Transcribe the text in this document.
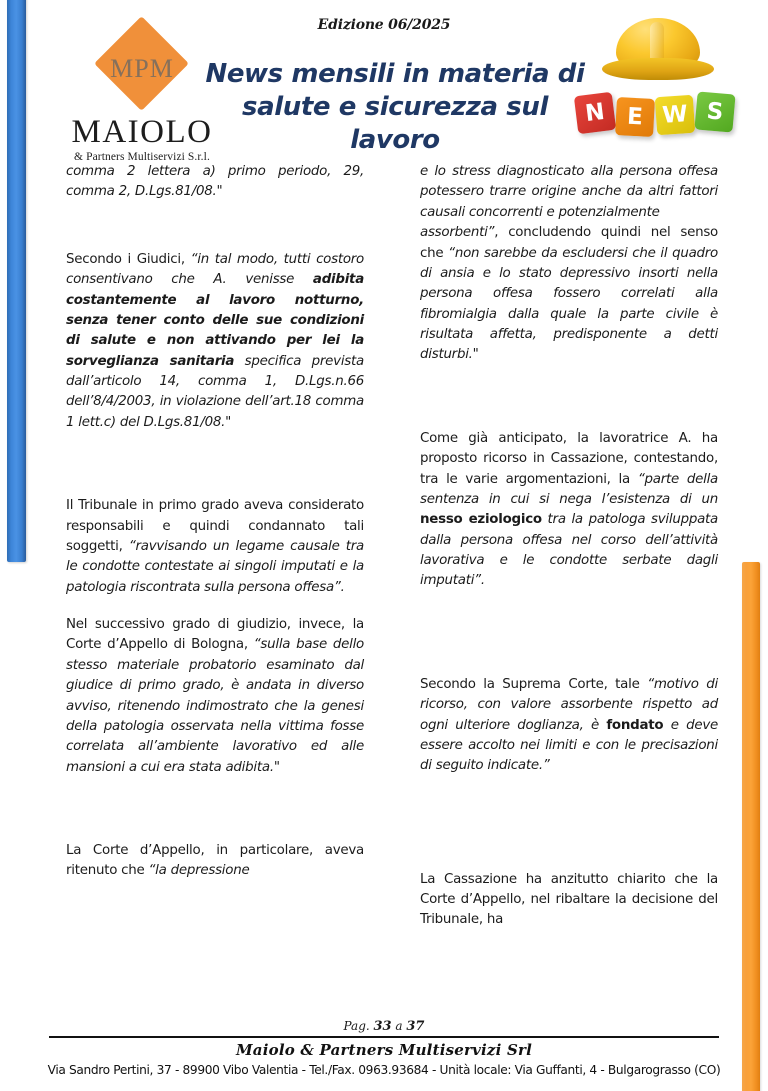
Edizione 06/2025
MPM
MAIOLO
& Partners Multiservizi S.r.l.
News mensili in materia di
salute e sicurezza sul lavoro
N E W S

comma 2 lettera a) primo periodo, 29, comma 2, D.Lgs.81/08."

Secondo i Giudici, “in tal modo, tutti costoro consentivano che A. venisse adibita costantemente al lavoro notturno, senza tener conto delle sue condizioni di salute e non attivando per lei la sorveglianza sanitaria specifica prevista dall’articolo 14, comma 1, D.Lgs.n.66 dell’8/4/2003, in violazione dell’art.18 comma 1 lett.c) del D.Lgs.81/08."

Il Tribunale in primo grado aveva considerato responsabili e quindi condannato tali soggetti, “ravvisando un legame causale tra le condotte contestate ai singoli imputati e la patologia riscontrata sulla persona offesa”.

Nel successivo grado di giudizio, invece, la Corte d’Appello di Bologna, “sulla base dello stesso materiale probatorio esaminato dal giudice di primo grado, è andata in diverso avviso, ritenendo indimostrato che la genesi della patologia osservata nella vittima fosse correlata all’ambiente lavorativo ed alle mansioni a cui era stata adibita."

La Corte d’Appello, in particolare, aveva ritenuto che “la depressione

e lo stress diagnosticato alla persona offesa potessero trarre origine anche da altri fattori causali concorrenti e potenzialmente

assorbenti”, concludendo quindi nel senso che “non sarebbe da escludersi che il quadro di ansia e lo stato depressivo insorti nella persona offesa fossero correlati alla fibromialgia dalla quale la parte civile è risultata affetta, predisponente a detti disturbi."

Come già anticipato, la lavoratrice A. ha proposto ricorso in Cassazione, contestando, tra le varie argomentazioni, la “parte della sentenza in cui si nega l’esistenza di un nesso eziologico tra la patologa sviluppata dalla persona offesa nel corso dell’attività lavorativa e le condotte serbate dagli imputati”.

Secondo la Suprema Corte, tale “motivo di ricorso, con valore assorbente rispetto ad ogni ulteriore doglianza, è fondato e deve essere accolto nei limiti e con le precisazioni di seguito indicate.”

La Cassazione ha anzitutto chiarito che la Corte d’Appello, nel ribaltare la decisione del Tribunale, ha

Pag. 33 a 37
Maiolo & Partners Multiservizi Srl
Via Sandro Pertini, 37 - 89900 Vibo Valentia - Tel./Fax. 0963.93684 - Unità locale: Via Guffanti, 4 - Bulgarograsso (CO)
